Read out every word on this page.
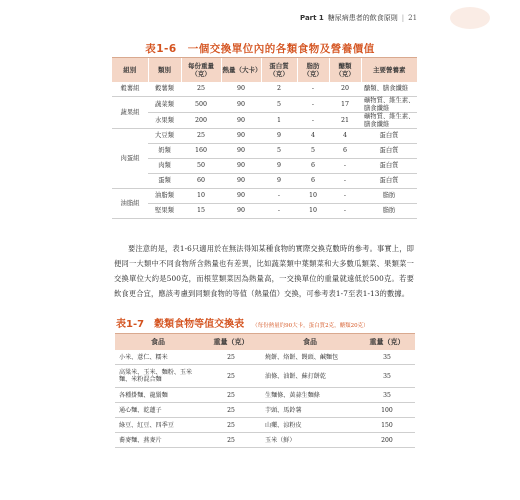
Part 1 糖尿病患者的飲食原則 | 21
表1-6　一個交換單位內的各類食物及營養價值
組別	類別	每份重量（克）	熱量（大卡）	蛋白質（克）	脂肪（克）	醣類（克）	主要營養素
穀薯組	穀薯類	25	90	2	-	20	醣類、膳食纖維
蔬果組	蔬菜類	500	90	5	-	17	礦物質、維生素、膳食纖維
	水果類	200	90	1	-	21	礦物質、維生素、膳食纖維
肉蛋組	大豆類	25	90	9	4	4	蛋白質
	奶類	160	90	5	5	6	蛋白質
	肉類	50	90	9	6	-	蛋白質
	蛋類	60	90	9	6	-	蛋白質
油脂組	油脂類	10	90	-	10	-	脂肪
	堅果類	15	90	-	10	-	脂肪

要注意的是，表1-6只適用於在無法得知某種食物的實際交換克數時的參考。事實上，即便同一大類中不同食物所含熱量也有差異，比如蔬菜類中葉類菜和大多數瓜類菜、果類菜一交換單位大約是500克，而根莖類菜因為熱量高，一交換單位的重量就遠低於500克。若要飲食更合宜，應該考慮到同類食物的等值（熱量值）交換，可參考表1-7至表1-13的數據。

表1-7　穀類食物等值交換表 （每份熱量約90大卡，蛋白質2克，醣類20克）
食品	重量（克）	食品	重量（克）
小米、薏仁、糯米	25	燒餅、烙餅、饅頭、鹹麵包	35
高粱米、玉米、麵粉、玉米麵、米粉混合麵	25	油條、油餅、蘇打餅乾	35
各種掛麵、龍鬚麵	25	生麵條、黃蒜生麵條	35
通心麵、乾蓮子	25	芋頭、馬鈴薯	100
綠豆、紅豆、四季豆	25	山藥、涼粉皮	150
蕎麥麵、燕麥片	25	玉米（鮮）	200
